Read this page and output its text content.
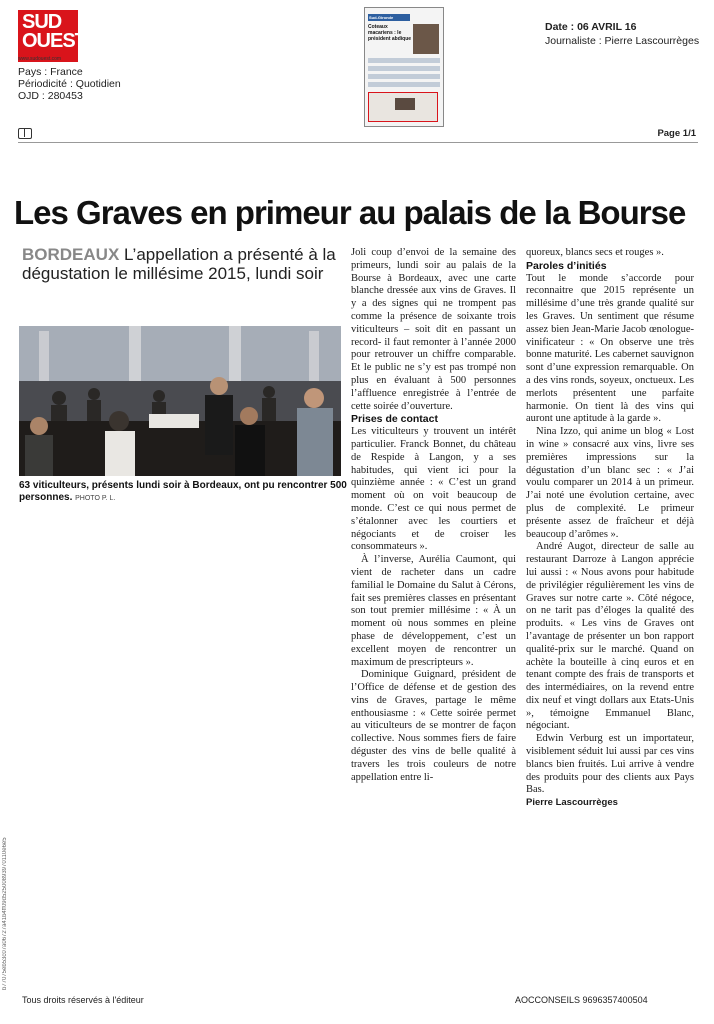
SUD
OUEST
www.sudouest.com
Pays : France
Périodicité : Quotidien
OJD : 280453
Sud-Gironde
Coteaux macariens : le président abdique
Date : 06 AVRIL 16
Journaliste : Pierre Lascourrèges
Page 1/1
Les Graves en primeur au palais de la Bourse
BORDEAUX L’appellation a présenté à la dégustation le millésime 2015, lundi soir
63 viticulteurs, présents lundi soir à Bordeaux, ont pu rencontrer 500 personnes. PHOTO P. L.

Joli coup d’envoi de la semaine des primeurs, lundi soir au palais de la Bourse à Bordeaux, avec une carte blanche dressée aux vins de Graves. Il y a des signes qui ne trompent pas comme la présence de soixante trois viticulteurs – soit dit en passant un record- il faut remonter à l’année 2000 pour retrouver un chiffre comparable. Et le public ne s’y est pas trompé non plus en évaluant à 500 personnes l’affluence enregistrée à l’entrée de cette soirée d’ouverture.

Prises de contact

Les viticulteurs y trouvent un intérêt particulier. Franck Bonnet, du château de Respide à Langon, y a ses habitudes, qui vient ici pour la quinzième année : « C’est un grand moment où on voit beaucoup de monde. C’est ce qui nous permet de s’étalonner avec les courtiers et négociants et de croiser les consommateurs ».

À l’inverse, Aurélia Caumont, qui vient de racheter dans un cadre familial le Domaine du Salut à Cérons, fait ses premières classes en présentant son tout premier millésime : « À un moment où nous sommes en pleine phase de développement, c’est un excellent moyen de rencontrer un maximum de prescripteurs ».

Dominique Guignard, président de l’Office de défense et de gestion des vins de Graves, partage le même enthousiasme : « Cette soirée permet au viticulteurs de se montrer de façon collective. Nous sommes fiers de faire déguster des vins de belle qualité à travers les trois couleurs de notre appellation entre li-

quoreux, blancs secs et rouges ».

Paroles d’initiés

Tout le monde s’accorde pour reconnaitre que 2015 représente un millésime d’une très grande qualité sur les Graves. Un sentiment que résume assez bien Jean-Marie Jacob œnologue-vinificateur : « On observe une très bonne maturité. Les cabernet sauvignon sont d’une expression remarquable. On a des vins ronds, soyeux, onctueux. Les merlots présentent une parfaite harmonie. On tient là des vins qui auront une aptitude à la garde ».

Nina Izzo, qui anime un blog « Lost in wine » consacré aux vins, livre ses premières impressions sur la dégustation d’un blanc sec : « J’ai voulu comparer un 2014 à un primeur. J’ai noté une évolution certaine, avec plus de complexité. Le primeur présente assez de fraîcheur et déjà beaucoup d’arômes ».

André Augot, directeur de salle au restaurant Darroze à Langon apprécie lui aussi : « Nous avons pour habitude de privilégier régulièrement les vins de Graves sur notre carte ». Côté négoce, on ne tarit pas d’éloges la qualité des produits. « Les vins de Graves ont l’avantage de présenter un bon rapport qualité-prix sur le marché. Quand on achète la bouteille à cinq euros et en tenant compte des frais de transports et des intermédiaires, on la revend entre dix neuf et vingt dollars aux Etats-Unis », témoigne Emmanuel Blanc, négociant.

Edwin Verburg est un importateur, visiblement séduit lui aussi par ces vins blancs bien fruités. Lui arrive à vendre des produits pour des clients aux Pays Bas.

Pierre Lascourrèges

b77075eb53c07a06727a41b4ff09d52500893970110e6e5
Tous droits réservés à l'éditeur	AOCCONSEILS 9696357400504
